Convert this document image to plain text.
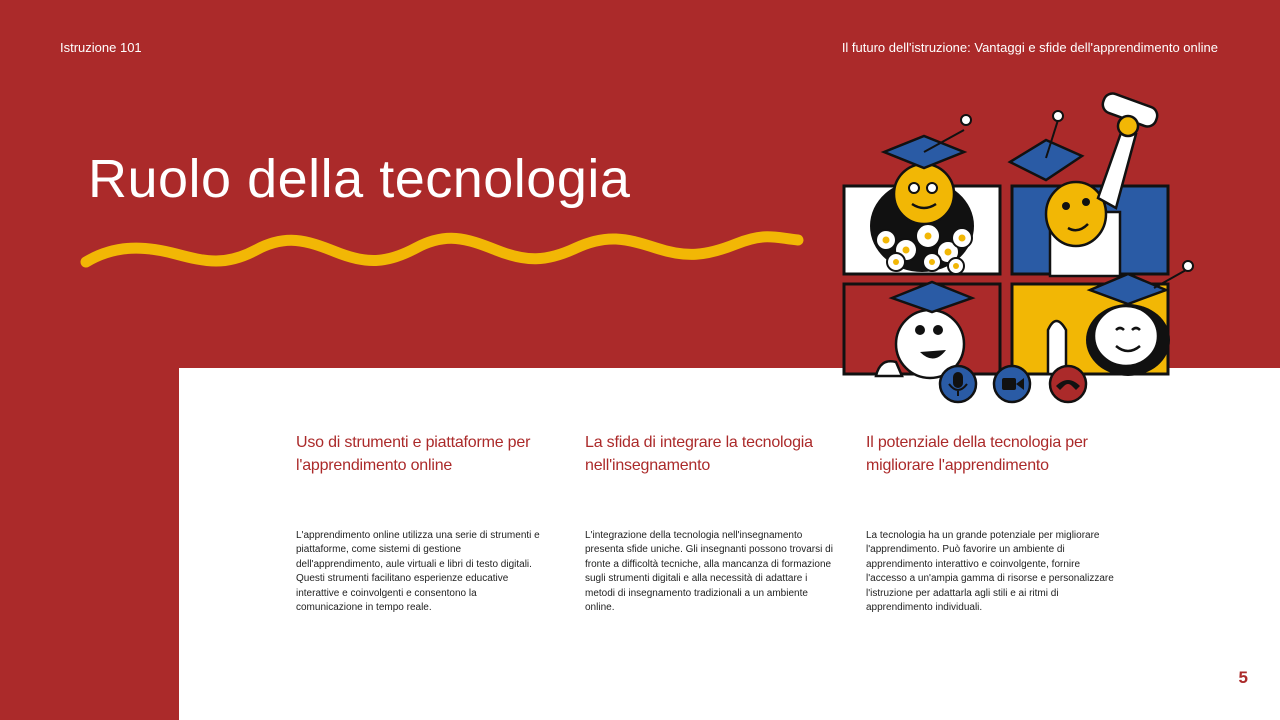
Istruzione 101	Il futuro dell'istruzione: Vantaggi e sfide dell'apprendimento online
Ruolo della tecnologia
Uso di strumenti e piattaforme per l'apprendimento online

L'apprendimento online utilizza una serie di strumenti e piattaforme, come sistemi di gestione dell'apprendimento, aule virtuali e libri di testo digitali. Questi strumenti facilitano esperienze educative interattive e coinvolgenti e consentono la comunicazione in tempo reale.

La sfida di integrare la tecnologia nell'insegnamento

L'integrazione della tecnologia nell'insegnamento presenta sfide uniche. Gli insegnanti possono trovarsi di fronte a difficoltà tecniche, alla mancanza di formazione sugli strumenti digitali e alla necessità di adattare i metodi di insegnamento tradizionali a un ambiente online.

Il potenziale della tecnologia per migliorare l'apprendimento

La tecnologia ha un grande potenziale per migliorare l'apprendimento. Può favorire un ambiente di apprendimento interattivo e coinvolgente, fornire l'accesso a un'ampia gamma di risorse e personalizzare l'istruzione per adattarla agli stili e ai ritmi di apprendimento individuali.

5
